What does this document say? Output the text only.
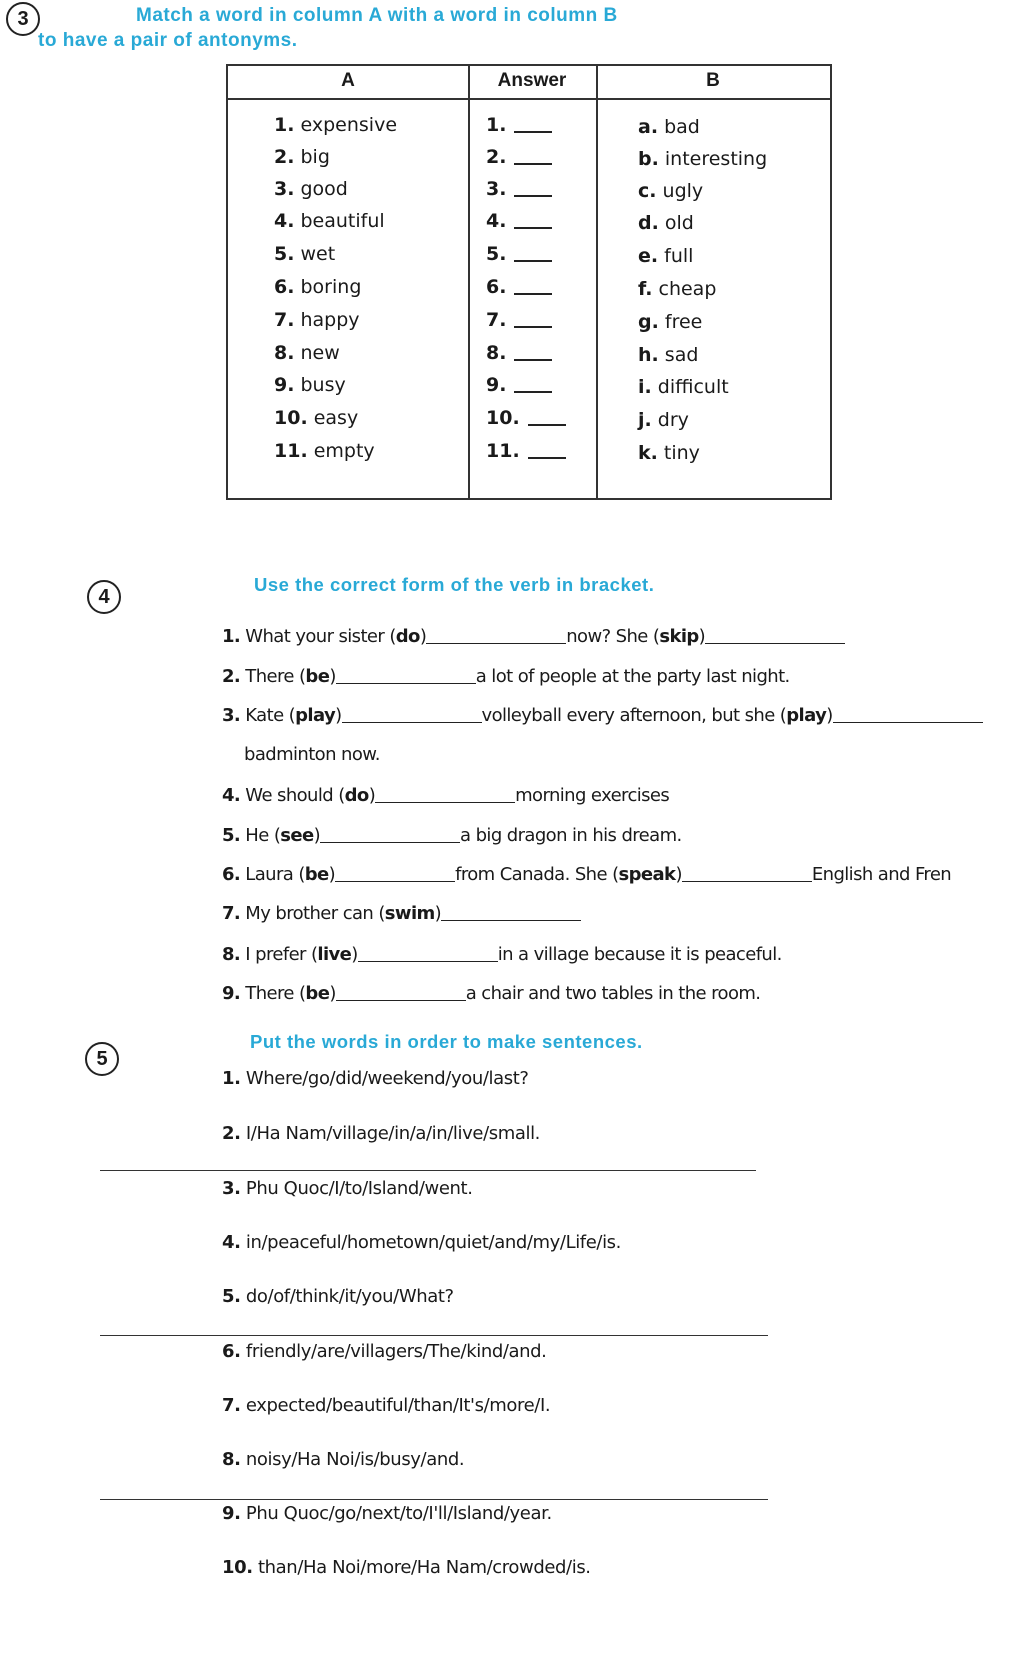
3	Match a word in column A with a word in column B
to have a pair of antonyms.
A	Answer	B
1. expensive	1.	a. bad
2. big	2.	b. interesting
3. good	3.	c. ugly
4. beautiful	4.	d. old
5. wet	5.	e. full
6. boring	6.	f. cheap
7. happy	7.	g. free
8. new	8.	h. sad
9. busy	9.	i. difficult
10. easy	10.	j. dry
11. empty	11.	k. tiny
4
Use the correct form of the verb in bracket.
1. What your sister (do)	now? She (skip)
2. There (be)	a lot of people at the party last night.
3. Kate (play)	volleyball every afternoon, but she (play)
badminton now.
4. We should (do)	morning exercises
5. He (see)	a big dragon in his dream.
6. Laura (be)	from Canada. She (speak)	English and Fren
7. My brother can (swim)
8. I prefer (live)	in a village because it is peaceful.
9. There (be)	a chair and two tables in the room.
5
Put the words in order to make sentences.
1. Where/go/did/weekend/you/last?
2. I/Ha Nam/village/in/a/in/live/small.
3. Phu Quoc/I/to/Island/went.
4. in/peaceful/hometown/quiet/and/my/Life/is.
5. do/of/think/it/you/What?
6. friendly/are/villagers/The/kind/and.
7. expected/beautiful/than/It's/more/I.
8. noisy/Ha Noi/is/busy/and.
9. Phu Quoc/go/next/to/I'll/Island/year.
10. than/Ha Noi/more/Ha Nam/crowded/is.
